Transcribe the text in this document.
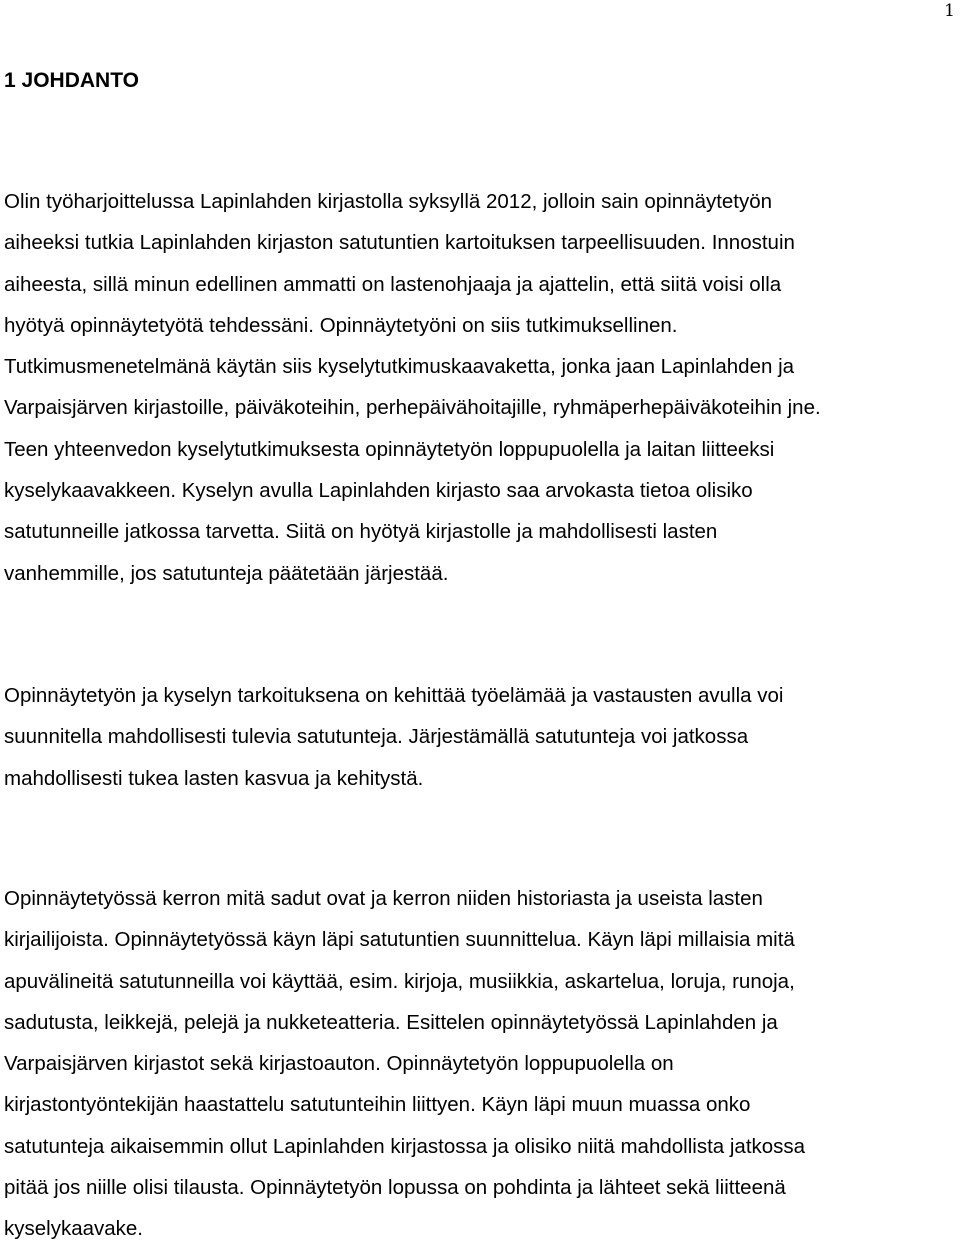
1
1 JOHDANTO

Olin työharjoittelussa Lapinlahden kirjastolla syksyllä 2012, jolloin sain opinnäytetyön
aiheeksi tutkia Lapinlahden kirjaston satutuntien kartoituksen tarpeellisuuden. Innostuin
aiheesta, sillä minun edellinen ammatti on lastenohjaaja ja ajattelin, että siitä voisi olla
hyötyä opinnäytetyötä tehdessäni. Opinnäytetyöni on siis tutkimuksellinen.
Tutkimusmenetelmänä käytän siis kyselytutkimuskaavaketta, jonka jaan Lapinlahden ja
Varpaisjärven kirjastoille, päiväkoteihin, perhepäivähoitajille, ryhmäperhepäiväkoteihin jne.
Teen yhteenvedon kyselytutkimuksesta opinnäytetyön loppupuolella ja laitan liitteeksi
kyselykaavakkeen. Kyselyn avulla Lapinlahden kirjasto saa arvokasta tietoa olisiko
satutunneille jatkossa tarvetta. Siitä on hyötyä kirjastolle ja mahdollisesti lasten
vanhemmille, jos satutunteja päätetään järjestää.

Opinnäytetyön ja kyselyn tarkoituksena on kehittää työelämää ja vastausten avulla voi
suunnitella mahdollisesti tulevia satutunteja. Järjestämällä satutunteja voi jatkossa
mahdollisesti tukea lasten kasvua ja kehitystä.

Opinnäytetyössä kerron mitä sadut ovat ja kerron niiden historiasta ja useista lasten
kirjailijoista. Opinnäytetyössä käyn läpi satutuntien suunnittelua. Käyn läpi millaisia mitä
apuvälineitä satutunneilla voi käyttää, esim. kirjoja, musiikkia, askartelua, loruja, runoja,
sadutusta, leikkejä, pelejä ja nukketeatteria. Esittelen opinnäytetyössä Lapinlahden ja
Varpaisjärven kirjastot sekä kirjastoauton. Opinnäytetyön loppupuolella on
kirjastontyöntekijän haastattelu satutunteihin liittyen. Käyn läpi muun muassa onko
satutunteja aikaisemmin ollut Lapinlahden kirjastossa ja olisiko niitä mahdollista jatkossa
pitää jos niille olisi tilausta. Opinnäytetyön lopussa on pohdinta ja lähteet sekä liitteenä
kyselykaavake.
